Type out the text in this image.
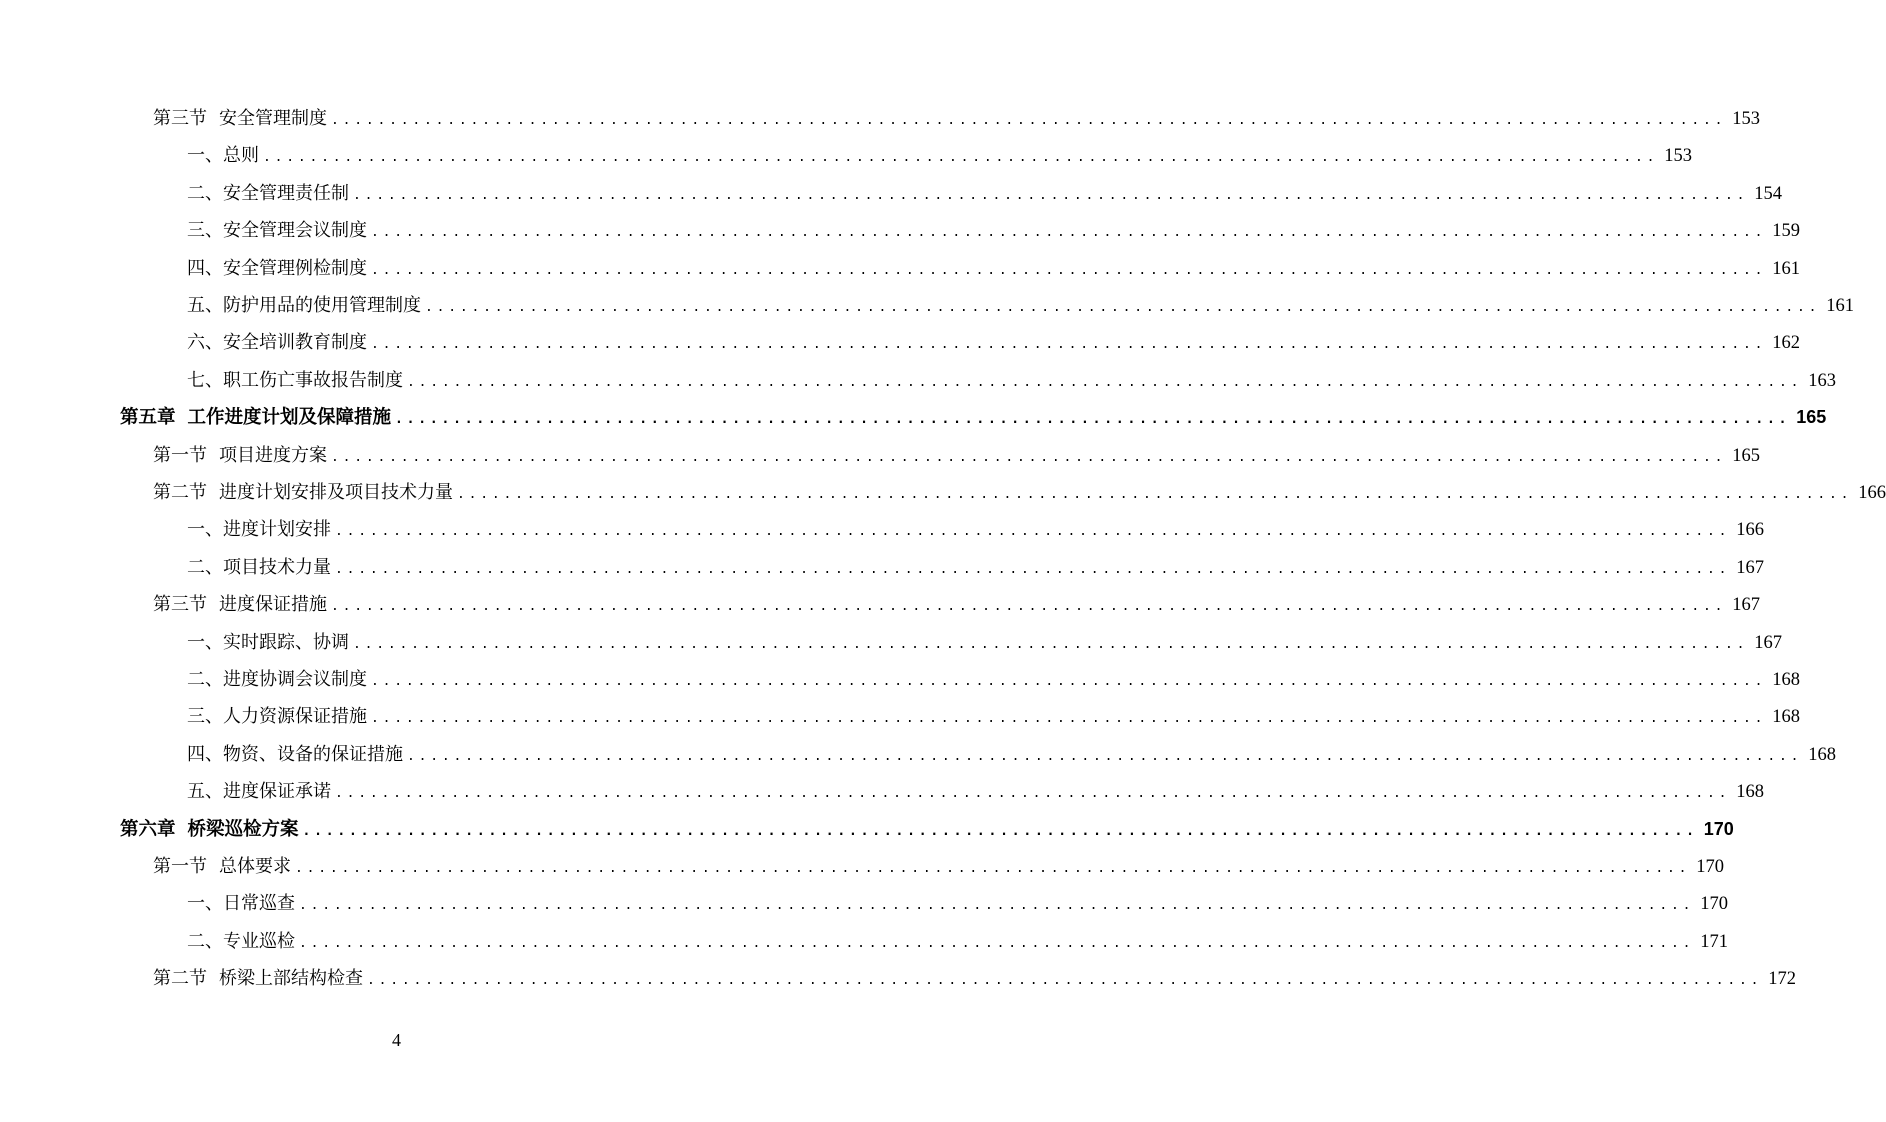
第三节 安全管理制度 ........................................................................................................................ 153
一、总则 ........................................................................................................................ 153
二、安全管理责任制 ........................................................................................................................ 154
三、安全管理会议制度 ........................................................................................................................ 159
四、安全管理例检制度 ........................................................................................................................ 161
五、防护用品的使用管理制度 ........................................................................................................................ 161
六、安全培训教育制度 ........................................................................................................................ 162
七、职工伤亡事故报告制度 ........................................................................................................................ 163
第五章 工作进度计划及保障措施 ........................................................................................................................ 165
第一节 项目进度方案 ........................................................................................................................ 165
第二节 进度计划安排及项目技术力量 ........................................................................................................................ 166
一、进度计划安排 ........................................................................................................................ 166
二、项目技术力量 ........................................................................................................................ 167
第三节 进度保证措施 ........................................................................................................................ 167
一、实时跟踪、协调 ........................................................................................................................ 167
二、进度协调会议制度 ........................................................................................................................ 168
三、人力资源保证措施 ........................................................................................................................ 168
四、物资、设备的保证措施 ........................................................................................................................ 168
五、进度保证承诺 ........................................................................................................................ 168
第六章 桥梁巡检方案 ........................................................................................................................ 170
第一节 总体要求 ........................................................................................................................ 170
一、日常巡查 ........................................................................................................................ 170
二、专业巡检 ........................................................................................................................ 171
第二节 桥梁上部结构检查 ........................................................................................................................ 172
4
